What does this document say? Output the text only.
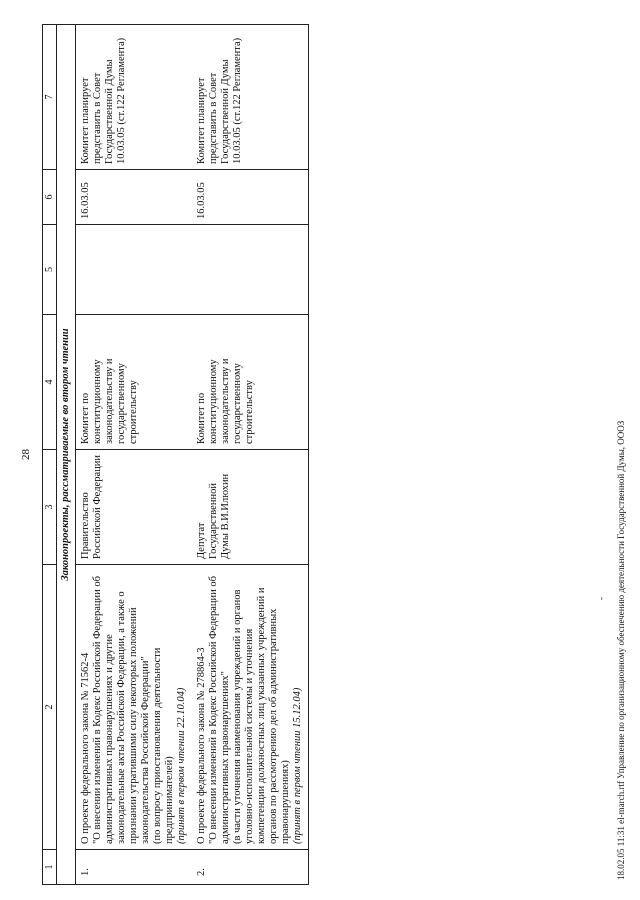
28
1	2	3	4	5	6	7
Законопроекты, рассматриваемые во втором чтении						
1.	О проекте федерального закона № 71562-4 "О внесении изменений в Кодекс Российской Федерации об административных правонарушениях и другие законодательные акты Российской Федерации, а также о признании утратившими силу некоторых положений законодательства Российской Федерации" (по вопросу приостановления деятельности предпринимателей) (принят в первом чтении 22.10.04)	Правительство Российской Федерации	Комитет по конституционному законодательству и государственному строительству		16.03.05	Комитет планирует представить в Совет Государственной Думы 10.03.05 (ст.122 Регламента)
2.	О проекте федерального закона № 278864-3 "О внесении изменений в Кодекс Российской Федерации об административных правонарушениях" (в части уточнения наименования учреждений и органов уголовно-исполнительной системы и уточнения компетенции должностных лиц указанных учреждений и органов по рассмотрению дел об административных правонарушениях) (принят в первом чтении 15.12.04)	Депутат Государственной Думы В.И.Илюхин	Комитет по конституционному законодательству и государственному строительству		16.03.05	Комитет планирует представить в Совет Государственной Думы 10.03.05 (ст.122 Регламента)
- 18.02.05 11:31 el-march.rtf Управление по организационному обеспечению деятельности Государственной Думы, ОООЗ
